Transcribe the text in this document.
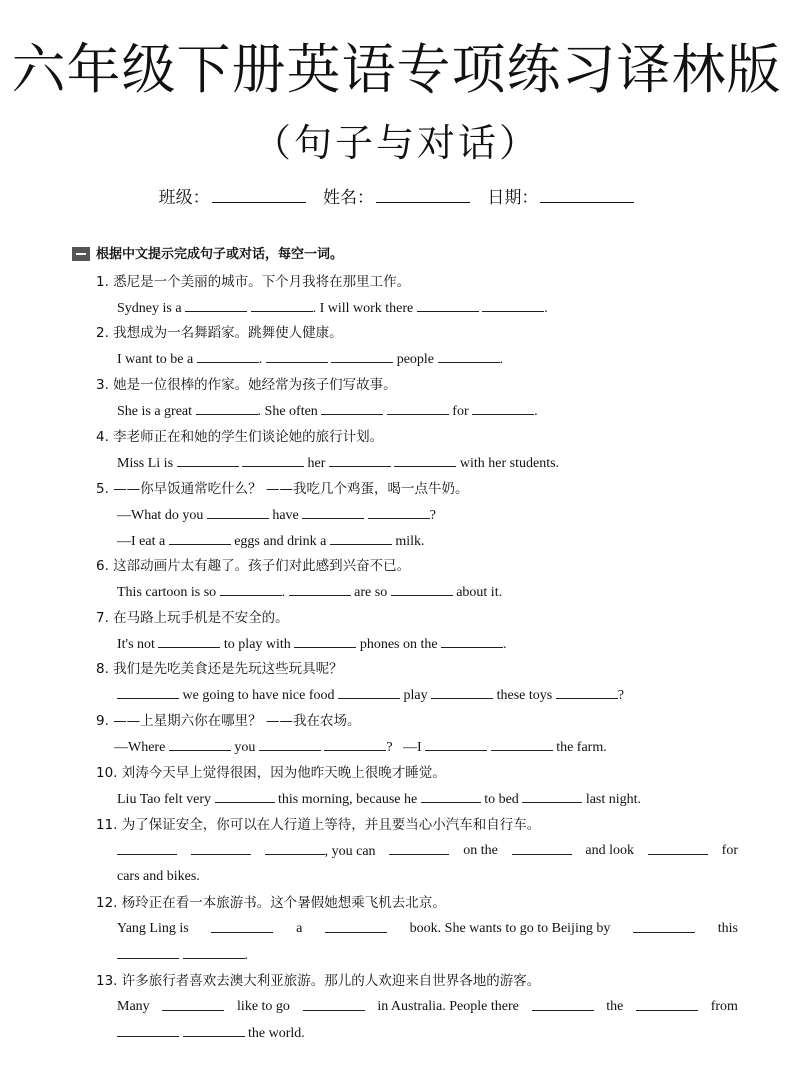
六年级下册英语专项练习译林版
（句子与对话）
班级：	姓名：	日期：
根据中文提示完成句子或对话，每空一词。
1. 悉尼是一个美丽的城市。下个月我将在那里工作。
Sydney is a	. I will work there	.
2. 我想成为一名舞蹈家。跳舞使人健康。
I want to be a	.	people	.
3. 她是一位很棒的作家。她经常为孩子们写故事。
She is a great	. She often	for	.
4. 李老师正在和她的学生们谈论她的旅行计划。
Miss Li is	her	with her students.
5. ——你早饭通常吃什么？ ——我吃几个鸡蛋，喝一点牛奶。
—What do you	have	?
—I eat a	eggs and drink a	milk.
6. 这部动画片太有趣了。孩子们对此感到兴奋不已。
This cartoon is so	.	are so	about it.
7. 在马路上玩手机是不安全的。
It's not	to play with	phones on the	.
8. 我们是先吃美食还是先玩这些玩具呢？
we going to have nice food	play	these toys	?
9. ——上星期六你在哪里？ ——我在农场。
—Where	you	? —I	the farm.
10. 刘涛今天早上觉得很困，因为他昨天晚上很晚才睡觉。
Liu Tao felt very	this morning, because he	to bed	last night.
11. 为了保证安全，你可以在人行道上等待，并且要当心小汽车和自行车。
, you can	on the	and look	for
cars and bikes.
12. 杨玲正在看一本旅游书。这个暑假她想乘飞机去北京。
Yang Ling is	a	book. She wants to go to Beijing by	this
.
13. 许多旅行者喜欢去澳大利亚旅游。那儿的人欢迎来自世界各地的游客。
Many	like to go	in Australia. People there	the	from
the world.
